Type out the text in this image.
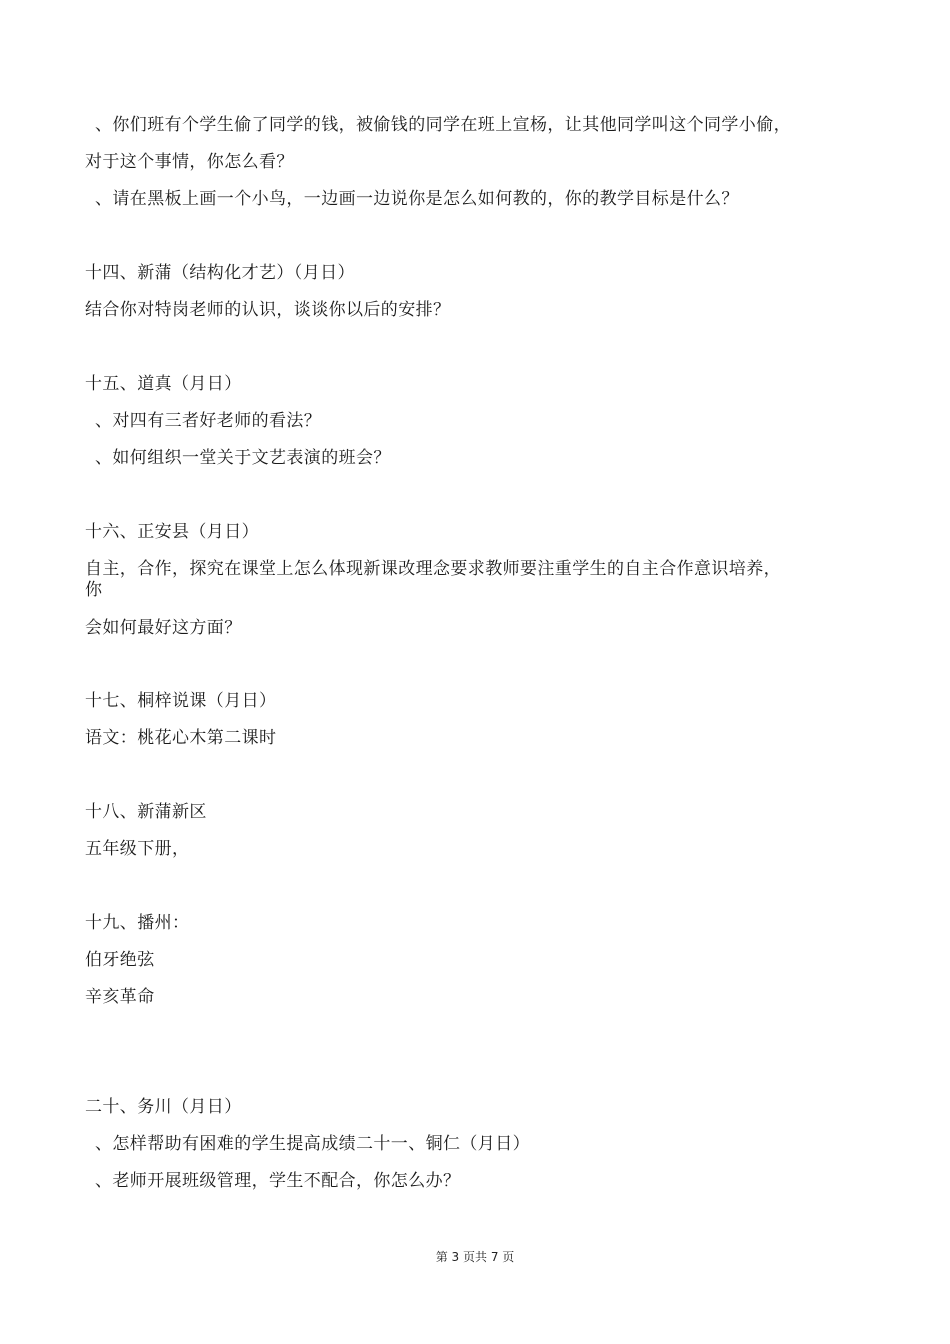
、你们班有个学生偷了同学的钱，被偷钱的同学在班上宣杨，让其他同学叫这个同学小偷，
对于这个事情，你怎么看？
、请在黑板上画一个小鸟，一边画一边说你是怎么如何教的，你的教学目标是什么？
十四、新蒲（结构化才艺）（月日）
结合你对特岗老师的认识，谈谈你以后的安排？
十五、道真（月日）
、对四有三者好老师的看法？
、如何组织一堂关于文艺表演的班会？
十六、正安县（月日）
自主，合作，探究在课堂上怎么体现新课改理念要求教师要注重学生的自主合作意识培养，
你
会如何最好这方面？
十七、桐梓说课（月日）
语文：桃花心木第二课时
十八、新蒲新区
五年级下册，
十九、播州：
伯牙绝弦
辛亥革命
二十、务川（月日）
、怎样帮助有困难的学生提高成绩二十一、铜仁（月日）
、老师开展班级管理，学生不配合，你怎么办？
第 3 页共 7 页
